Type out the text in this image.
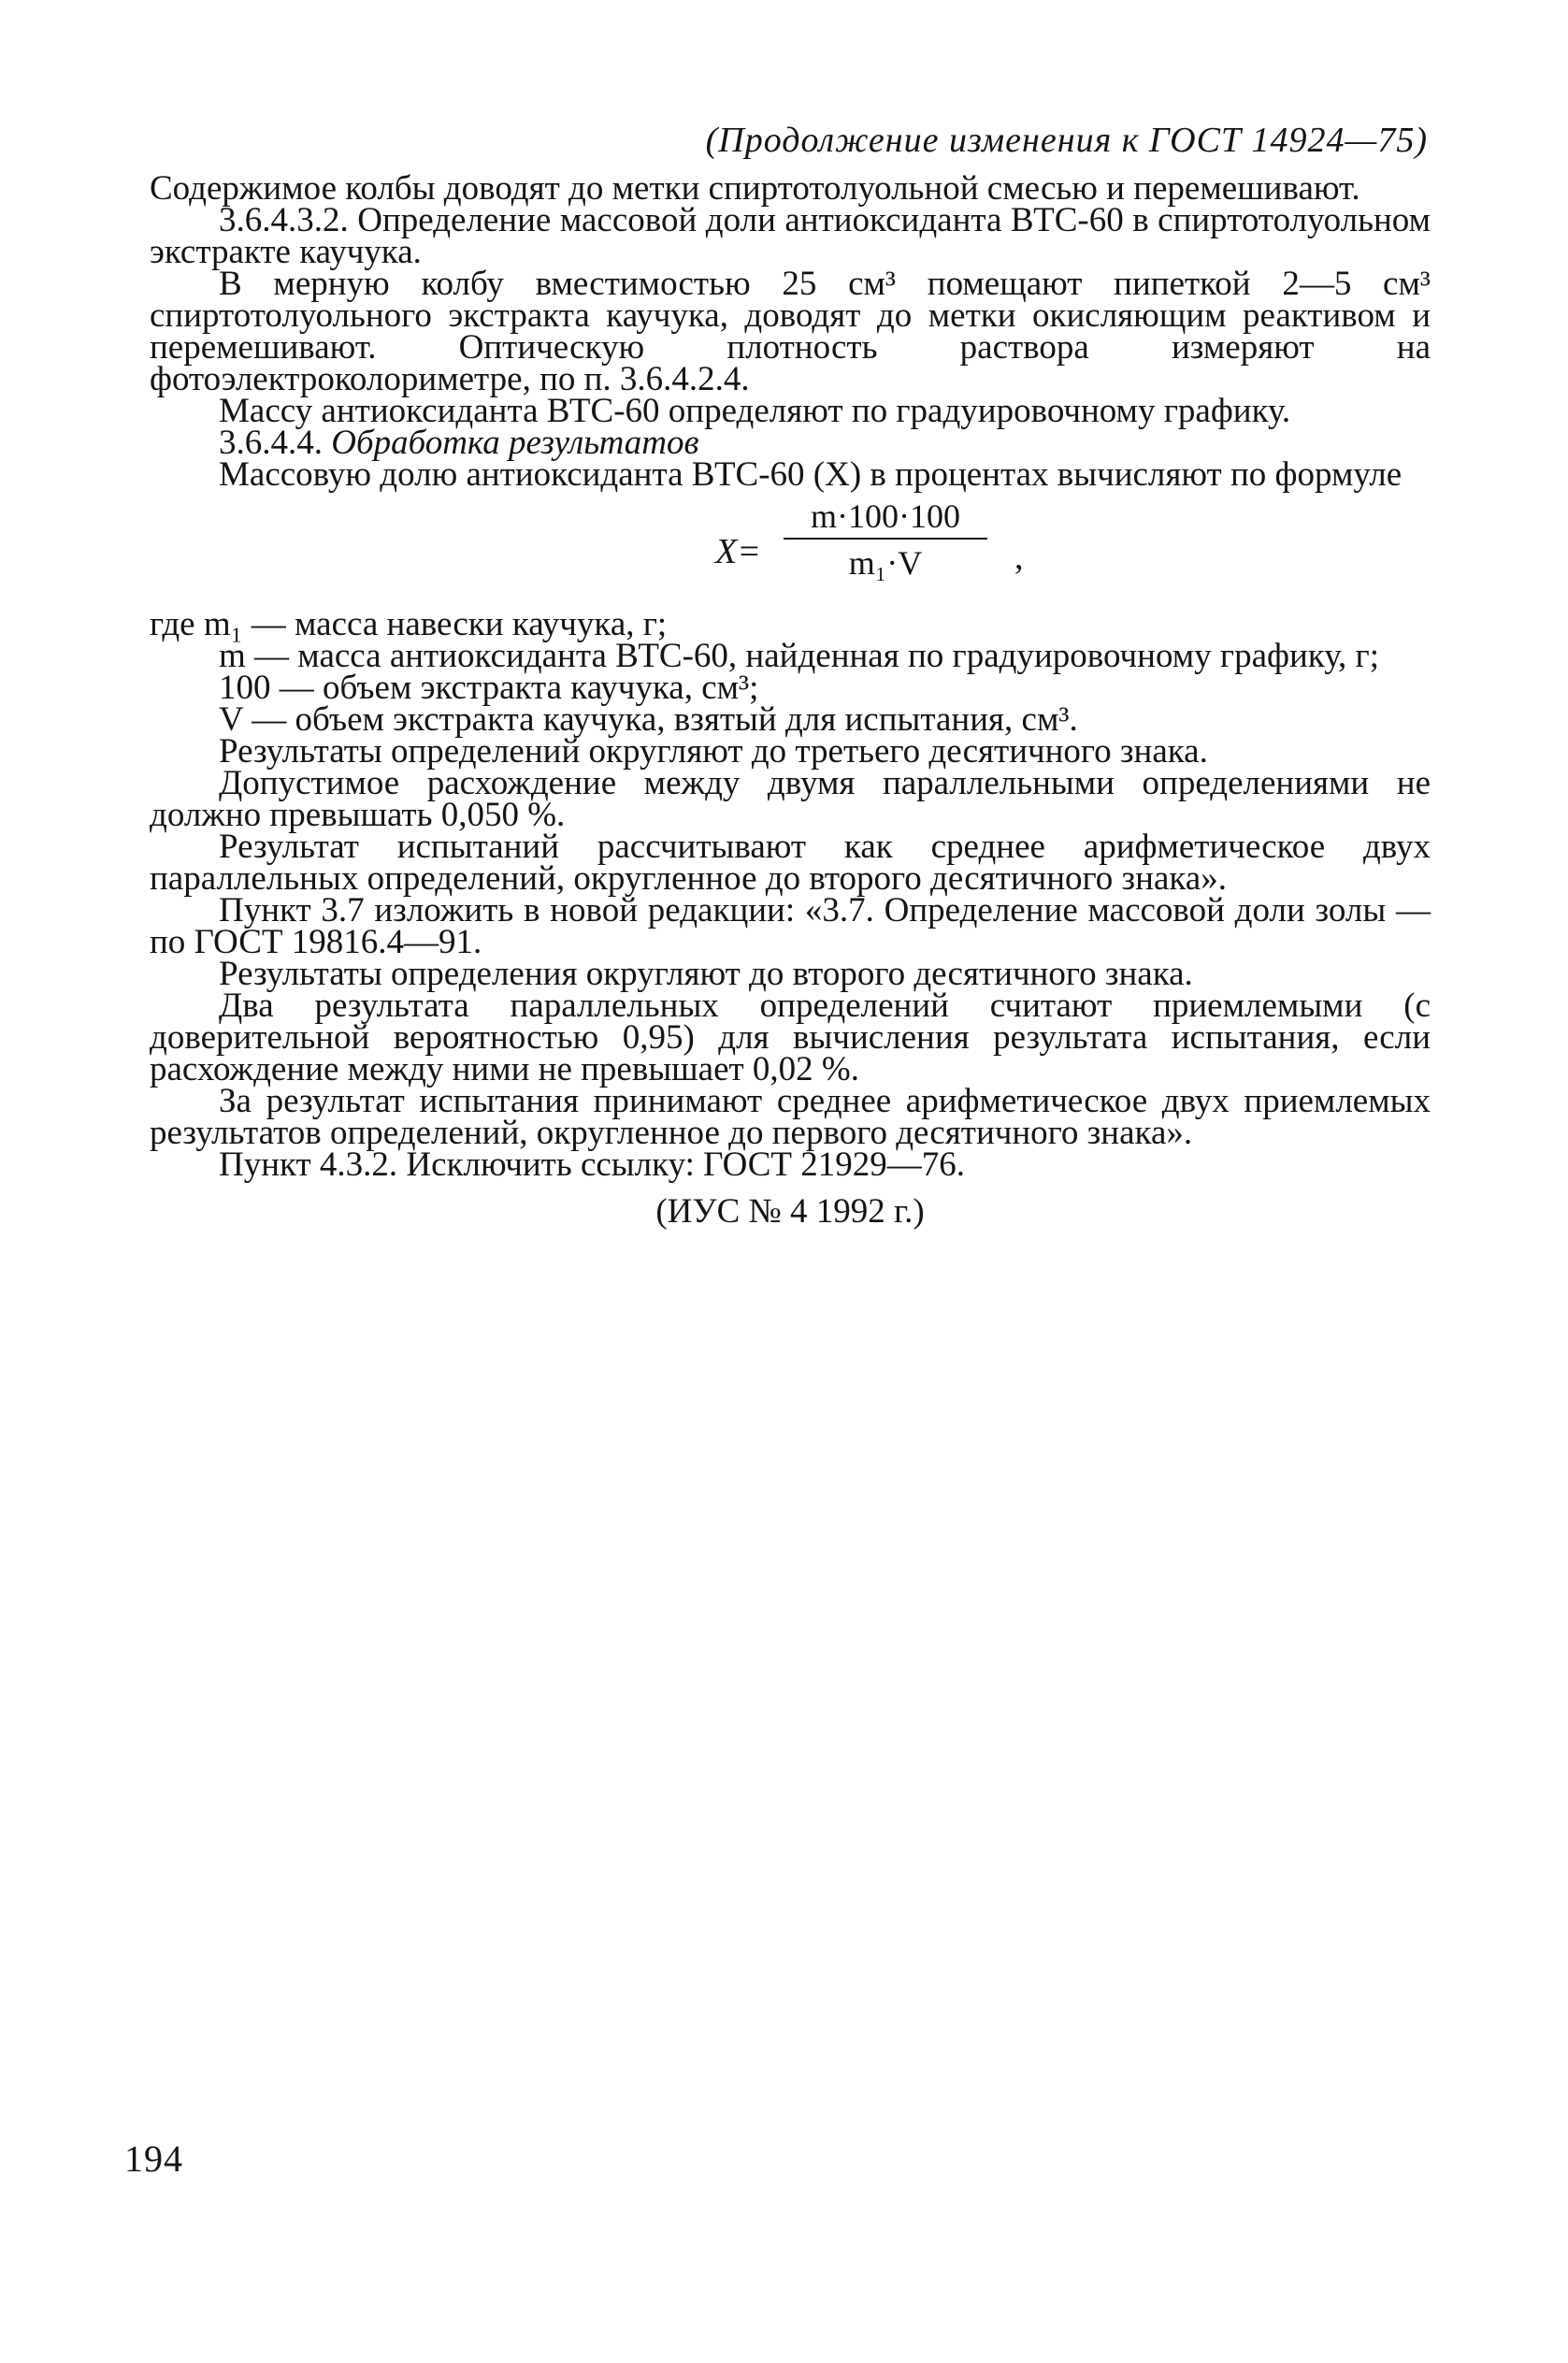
(Продолжение изменения к ГОСТ 14924—75)

Содержимое колбы доводят до метки спиртотолуольной смесью и перемешивают.

3.6.4.3.2. Определение массовой доли антиоксиданта ВТС-60 в спиртотолуольном экстракте каучука.

В мерную колбу вместимостью 25 см³ помещают пипеткой 2—5 см³ спиртотолуольного экстракта каучука, доводят до метки окисляющим реактивом и перемешивают. Оптическую плотность раствора измеряют на фотоэлектроколориметре, по п. 3.6.4.2.4.

Массу антиоксиданта ВТС-60 определяют по градуировочному графику.

3.6.4.4. Обработка результатов

Массовую долю антиоксиданта ВТС-60 (X) в процентах вычисляют по формуле

X=
m·100·100
m₁·V	,

где m₁ — масса навески каучука, г;

m — масса антиоксиданта ВТС-60, найденная по градуировочному графику, г;

100 — объем экстракта каучука, см³;

V — объем экстракта каучука, взятый для испытания, см³.

Результаты определений округляют до третьего десятичного знака.

Допустимое расхождение между двумя параллельными определениями не должно превышать 0,050 %.

Результат испытаний рассчитывают как среднее арифметическое двух параллельных определений, округленное до второго десятичного знака».

Пункт 3.7 изложить в новой редакции: «3.7. Определение массовой доли золы — по ГОСТ 19816.4—91.

Результаты определения округляют до второго десятичного знака.

Два результата параллельных определений считают приемлемыми (с доверительной вероятностью 0,95) для вычисления результата испытания, если расхождение между ними не превышает 0,02 %.

За результат испытания принимают среднее арифметическое двух приемлемых результатов определений, округленное до первого десятичного знака».

Пункт 4.3.2. Исключить ссылку: ГОСТ 21929—76.

(ИУС № 4 1992 г.)
194
